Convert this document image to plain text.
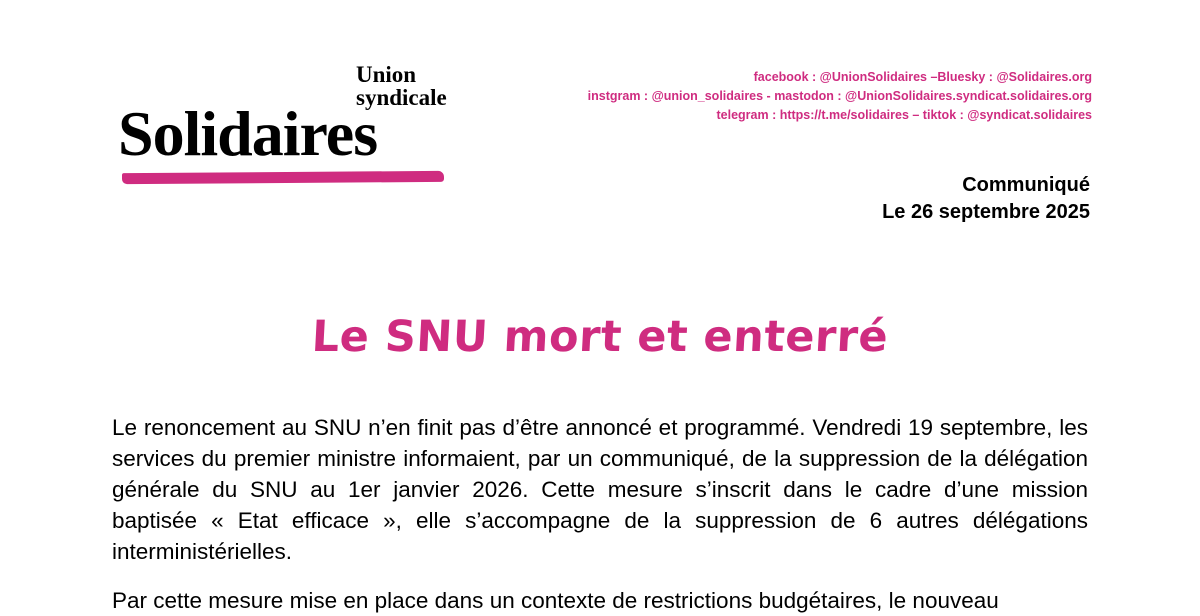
Union
syndicale
Solidaires
facebook : @UnionSolidaires –Bluesky : @Solidaires.org
instgram : @union_solidaires - mastodon : @UnionSolidaires.syndicat.solidaires.org
telegram : https://t.me/solidaires – tiktok : @syndicat.solidaires
Communiqué
Le 26 septembre 2025
Le SNU mort et enterré

Le renoncement au SNU n’en finit pas d’être annoncé et programmé. Vendredi 19 septembre, les services du premier ministre informaient, par un communiqué, de la suppression de la délégation générale du SNU au 1er janvier 2026. Cette mesure s’inscrit dans le cadre d’une mission baptisée « Etat efficace », elle s’accompagne de la suppression de 6 autres délégations interministérielles.

Par cette mesure mise en place dans un contexte de restrictions budgétaires, le nouveau
